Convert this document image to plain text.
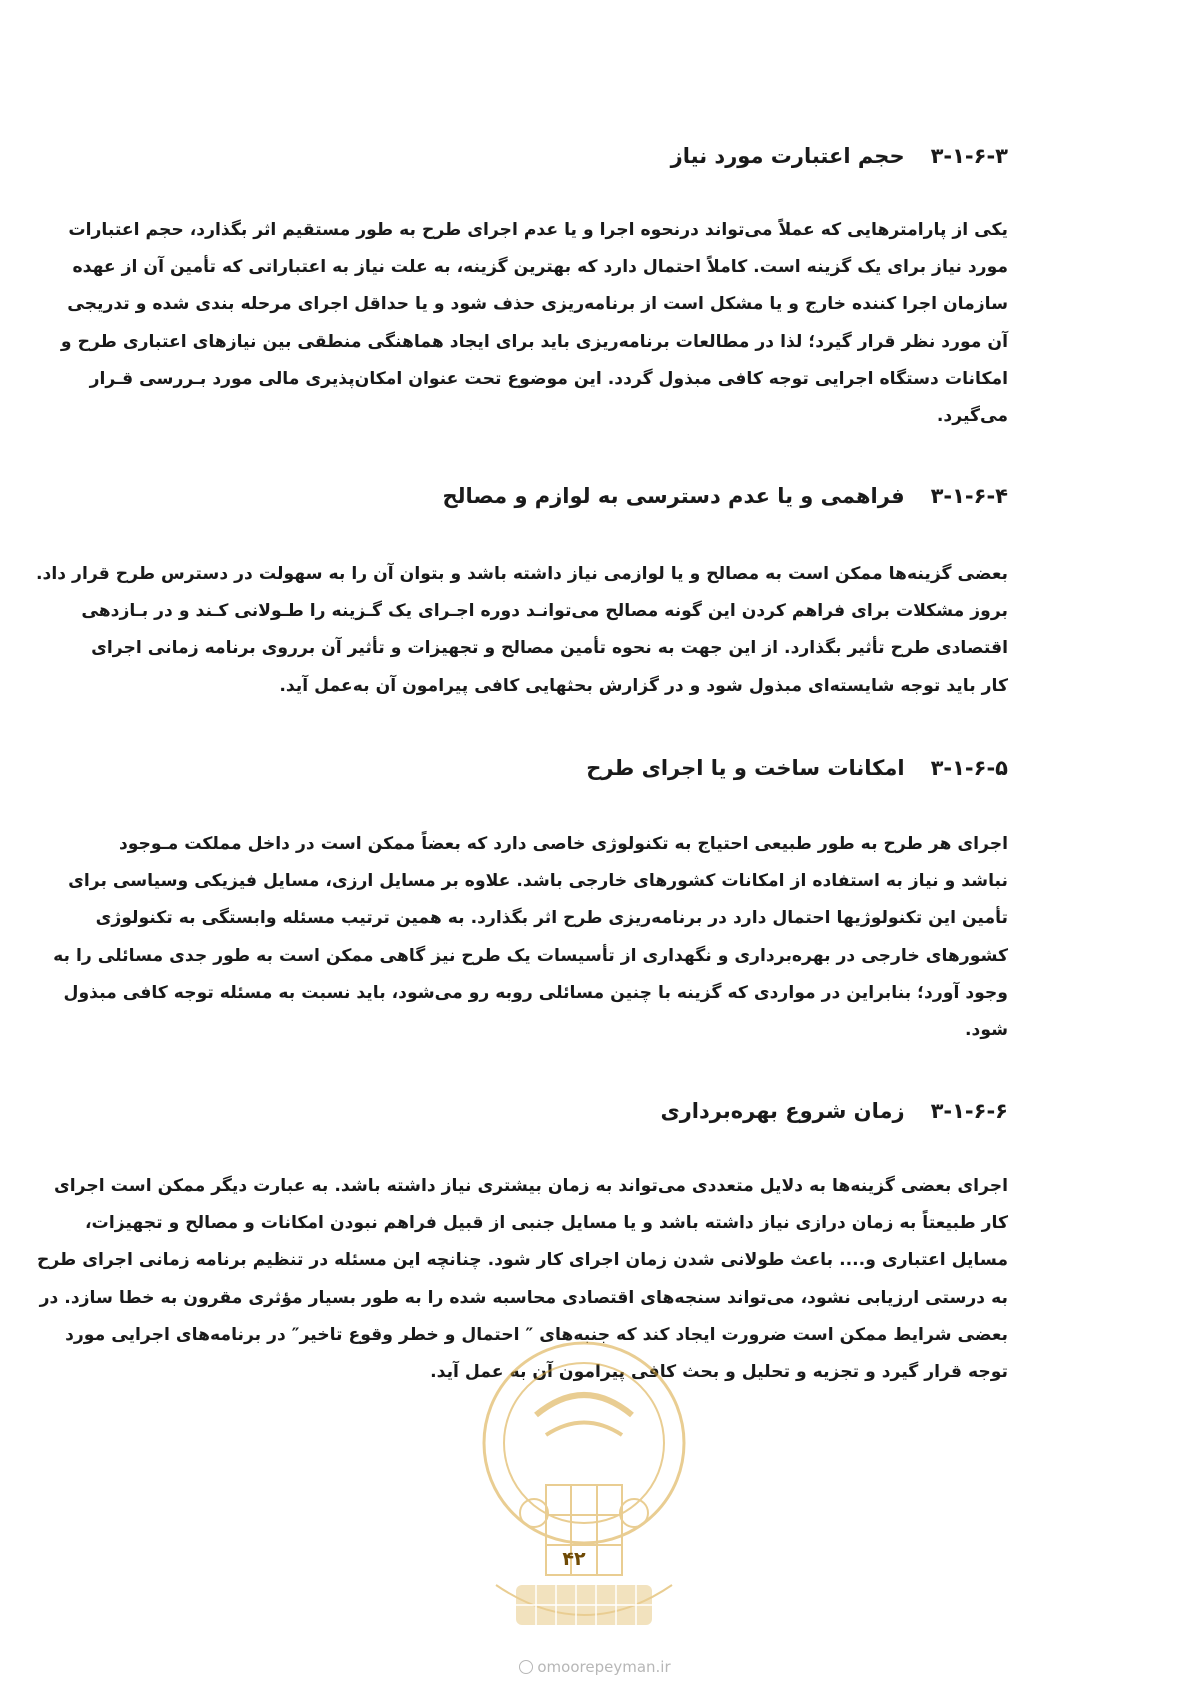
۳-۱-۶-۳حجم اعتبارت مورد نیاز
یکی از پارامترهایی که عملاً می‌تواند درنحوه اجرا و یا عدم اجرای طرح به طور مستقیم اثر بگذارد، حجم اعتبارات
مورد نیاز برای یک گزینه است. کاملاً احتمال دارد که بهترین گزینه، به علت نیاز به اعتباراتی که تأمین آن از عهده
سازمان اجرا کننده خارج و یا مشکل است از برنامه‌ریزی حذف شود و یا حداقل اجرای مرحله بندی شده و تدریجی
آن مورد نظر قرار گیرد؛ لذا در مطالعات برنامه‌ریزی باید برای ایجاد هماهنگی منطقی بین نیازهای اعتباری طرح و
امکانات دستگاه اجرایی توجه کافی مبذول گردد. این موضوع تحت عنوان امکان‌پذیری مالی مورد بـررسی قـرار
می‌گیرد.
۳-۱-۶-۴فراهمی و یا عدم دسترسی به لوازم و مصالح
بعضی گزینه‌ها ممکن است به مصالح و یا لوازمی نیاز داشته باشد و بتوان آن را به سهولت در دسترس طرح قرار داد.
بروز مشکلات برای فراهم کردن این گونه مصالح می‌توانـد دوره اجـرای یک گـزینه را طـولانی کـند و در بـازدهی
اقتصادی طرح تأثیر بگذارد. از این جهت به نحوه تأمین مصالح و تجهیزات و تأثیر آن برروی برنامه زمانی اجرای
کار باید توجه شایسته‌ای مبذول شود و در گزارش بحثهایی کافی پیرامون آن به‌عمل آید.
۳-۱-۶-۵امکانات ساخت و یا اجرای طرح
اجرای هر طرح به طور طبیعی احتیاج به تکنولوژی خاصی دارد که بعضاً ممکن است در داخل مملکت مـوجود
نباشد و نیاز به استفاده از امکانات کشورهای خارجی باشد. علاوه بر مسایل ارزی، مسایل فیزیکی وسیاسی برای
تأمین این تکنولوژیها احتمال دارد در برنامه‌ریزی طرح اثر بگذارد. به همین ترتیب مسئله وابستگی به تکنولوژی
کشورهای خارجی در بهره‌برداری و نگهداری از تأسیسات یک طرح نیز گاهی ممکن است به طور جدی مسائلی را به
وجود آورد؛ بنابراین در مواردی که گزینه با چنین مسائلی روبه رو می‌شود، باید نسبت به مسئله توجه کافی مبذول
شود.
۳-۱-۶-۶زمان شروع بهره‌برداری
اجرای بعضی گزینه‌ها به دلایل متعددی می‌تواند به زمان بیشتری نیاز داشته باشد. به عبارت دیگر ممکن است اجرای
کار طبیعتاً به زمان درازی نیاز داشته باشد و یا مسایل جنبی از قبیل فراهم نبودن امکانات و مصالح و تجهیزات،
مسایل اعتباری و.... باعث طولانی شدن زمان اجرای کار شود. چنانچه این مسئله در تنظیم برنامه زمانی اجرای طرح
به درستی ارزیابی نشود، می‌تواند سنجه‌های اقتصادی محاسبه شده را به طور بسیار مؤثری مقرون به خطا سازد. در
بعضی شرایط ممکن است ضرورت ایجاد کند که جنبه‌های ″ احتمال و خطر وقوع تاخیر″ در برنامه‌های اجرایی مورد
توجه قرار گیرد و تجزیه و تحلیل و بحث کافی پیرامون آن به عمل آید.
۴۲
omoorepeyman.ir
